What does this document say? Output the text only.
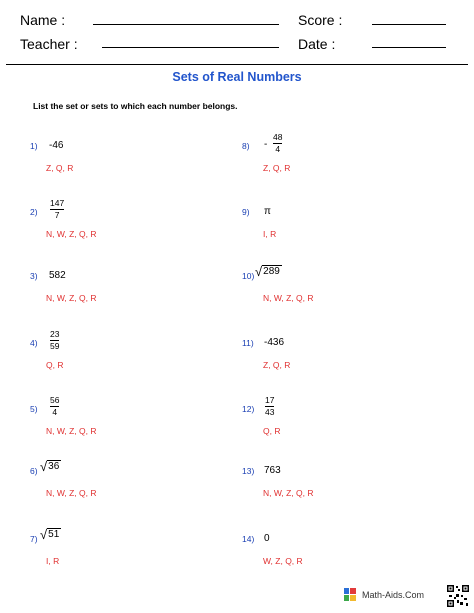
Name :	Score :
Teacher :	Date :
Sets of Real Numbers
List the set or sets to which each number belongs.
1) -46
Z, Q, R
2)
147
7
N, W, Z, Q, R
3) 582
N, W, Z, Q, R
4)
23
59
Q, R
5)
56
4
N, W, Z, Q, R
6) √ 36
N, W, Z, Q, R
7) √ 51
I, R
8) -
48
4
Z, Q, R
9) π
I, R
10) √ 289
N, W, Z, Q, R
11) -436
Z, Q, R
12)
17
43
Q, R
13) 763
N, W, Z, Q, R
14) 0
W, Z, Q, R
Math-Aids.Com
